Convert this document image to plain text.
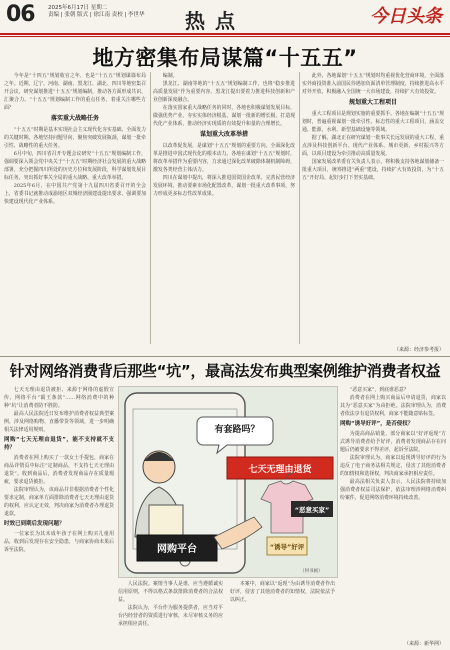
06 2025年6月17日 星期二
责编 | 张朝 版式 | 徐江南 责校 | 李世华 热点	今日头条
地方密集布局谋篇“十五五”

今年是“十四五”规划收官之年，也是“十五五”规划谋篇布局之年。近期，辽宁、河南、湖南、黑龙江、湖北、四川等地密集召开会议，研究谋划推进“十五五”规划编制，推动各方面形成共识、汇聚合力。“十五五”规划编制工作的重点任务，着重关注哪些方面？

落实重大战略任务

“十五五”时期是基本实现社会主义现代化夯实基础、全面发力的关键时期。各地坚持问题导向，聚焦突破发展瓶颈，谋划一批牵引性、战略性的重大任务。

6月中旬，四川省召开专题会议研究“十五五”规划编制工作，强调要深入领会党中央关于“十五五”时期经济社会发展的重大战略部署，充分把握四川所处的历史方位和发展阶段，科学谋划发展目标任务，突出抓好事关全局的重大战略、重大改革举措。

2025年6月，在中国共产党第十九届四川省委召开的全会上，省委书记就推动成渝地区双城经济圈建设提出要求，强调要加快建设现代化产业体系。

编制。

黑龙江、湖南等地的“十五五”规划编制工作，也将“稳步推进高质量发展“作为重要内容。黑龙江提出要着力推进科技创新和产业创新深度融合。

在落实国家重大战略任务的同时，各地也积极谋划发展目标，做强优势产业，夯实实体经济根基，谋划一批新的增长极，打造现代化产业体系，推动经济实现质的有效提升和量的合理增长。

谋划重大改革举措

以改革促发展，是谋划“十五五”规划的重要方向。全面深化改革是推进中国式现代化的根本动力。各地在谋划“十五五”规划时，将改革举措作为重要内容，力求通过深化改革破除体制机制障碍，激发各类经营主体活力。

四川在谋划中提出，将深入推进国资国企改革，完善民营经济发展环境，推动要素市场化配置改革，谋划一批重大改革事项，努力形成更多标志性改革成果。

此外，各地谋划“十五五”规划时均重视优化营商环境，全面落实外商投资准入前国民待遇加负面清单管理制度，持续推进高水平对外开放，积极融入全国统一大市场建设，持续扩大有效投资。

规划重大工程项目

重大工程项目是规划实施的重要抓手。各地在编制“十五五”规划时，普遍重视谋划一批牵引性、标志性的重大工程项目，涵盖交通、能源、水利、新型基础设施等领域。

据了解，湖北正在研究谋划一批事关长远发展的重大工程，重点涉及科技创新平台、现代产业体系、城市更新、乡村振兴等方面，以项目建设为牵引推动高质量发展。

国家发展改革委有关负责人表示，将积极支持各地谋划储备一批重大项目，统筹推进“两重”建设，持续扩大有效投资，为“十五五”开好局、起好步打下坚实基础。

（来源：经济参考报）
针对网络消费背后那些“坑”，最高法发布典型案例维护消费者权益

七天无理由退货被拒、来源于网络的虚假宣传、网络平台“霸王条款”……网络消费中的种种“坑”让消费者防不胜防。

最高人民法院近日发布维护消费者权益典型案例，涉及网络购物、直播带货等领域，进一步明确相关法律适用规则。

网购“七天无理由退货”，能不支持就不支持？

消费者在网上购买了一款女士手提包，商家在商品详情页中标注“定制商品，不支持七天无理由退货”。收到商品后，消费者发现商品存在质量瑕疵，要求退货被拒。

法院审理认为，该商品并非根据消费者个性化要求定制，商家单方面排除消费者七天无理由退货的权利，应认定无效，判决商家为消费者办理退货退款。

时效已到期后发现问题？

一位家长为其未成年孩子在网上购买儿童用品，收到后发现存在安全隐患，与商家协商未果后诉至法院。

有套路吗？
七天无理由退货
“恶意买家”
网购平台	“诱导”好评
（何书画）

人民法院。案情当事人是谁，应当遵循诚实信用原则，不得以格式条款排除消费者的合法权益。

法院认为，平台作为服务提供者，应当对平台内经营者的资质进行审核，未尽审核义务的应承担相应责任。

本案中，商家以“返现”为由诱导消费者作出好评，侵害了其他消费者的知情权，法院依法予以纠正。

“恶意买家”，到底谁恶意？

消费者在网上购买商品后申请退货，商家以其为“恶意买家”为由拒绝。法院审理认为，消费者依法享有退货权利，商家不能随意贴标签。

网购“诱导好评”，是否侵权？

为提高商品销量，部分商家以“好评返现”方式诱导消费者给予好评，消费者发现商品存在问题后仍被要求不得差评，起诉至法院。

法院审理认为，商家以返现诱导好评的行为违反了电子商务法相关规定，侵害了其他消费者的知情权和选择权，判决商家承担相应责任。

最高法相关负责人表示，人民法院将持续加强消费者权益司法保护，依法审理涉网络消费纠纷案件，促进网络消费环境持续改善。

（来源：新华网）
